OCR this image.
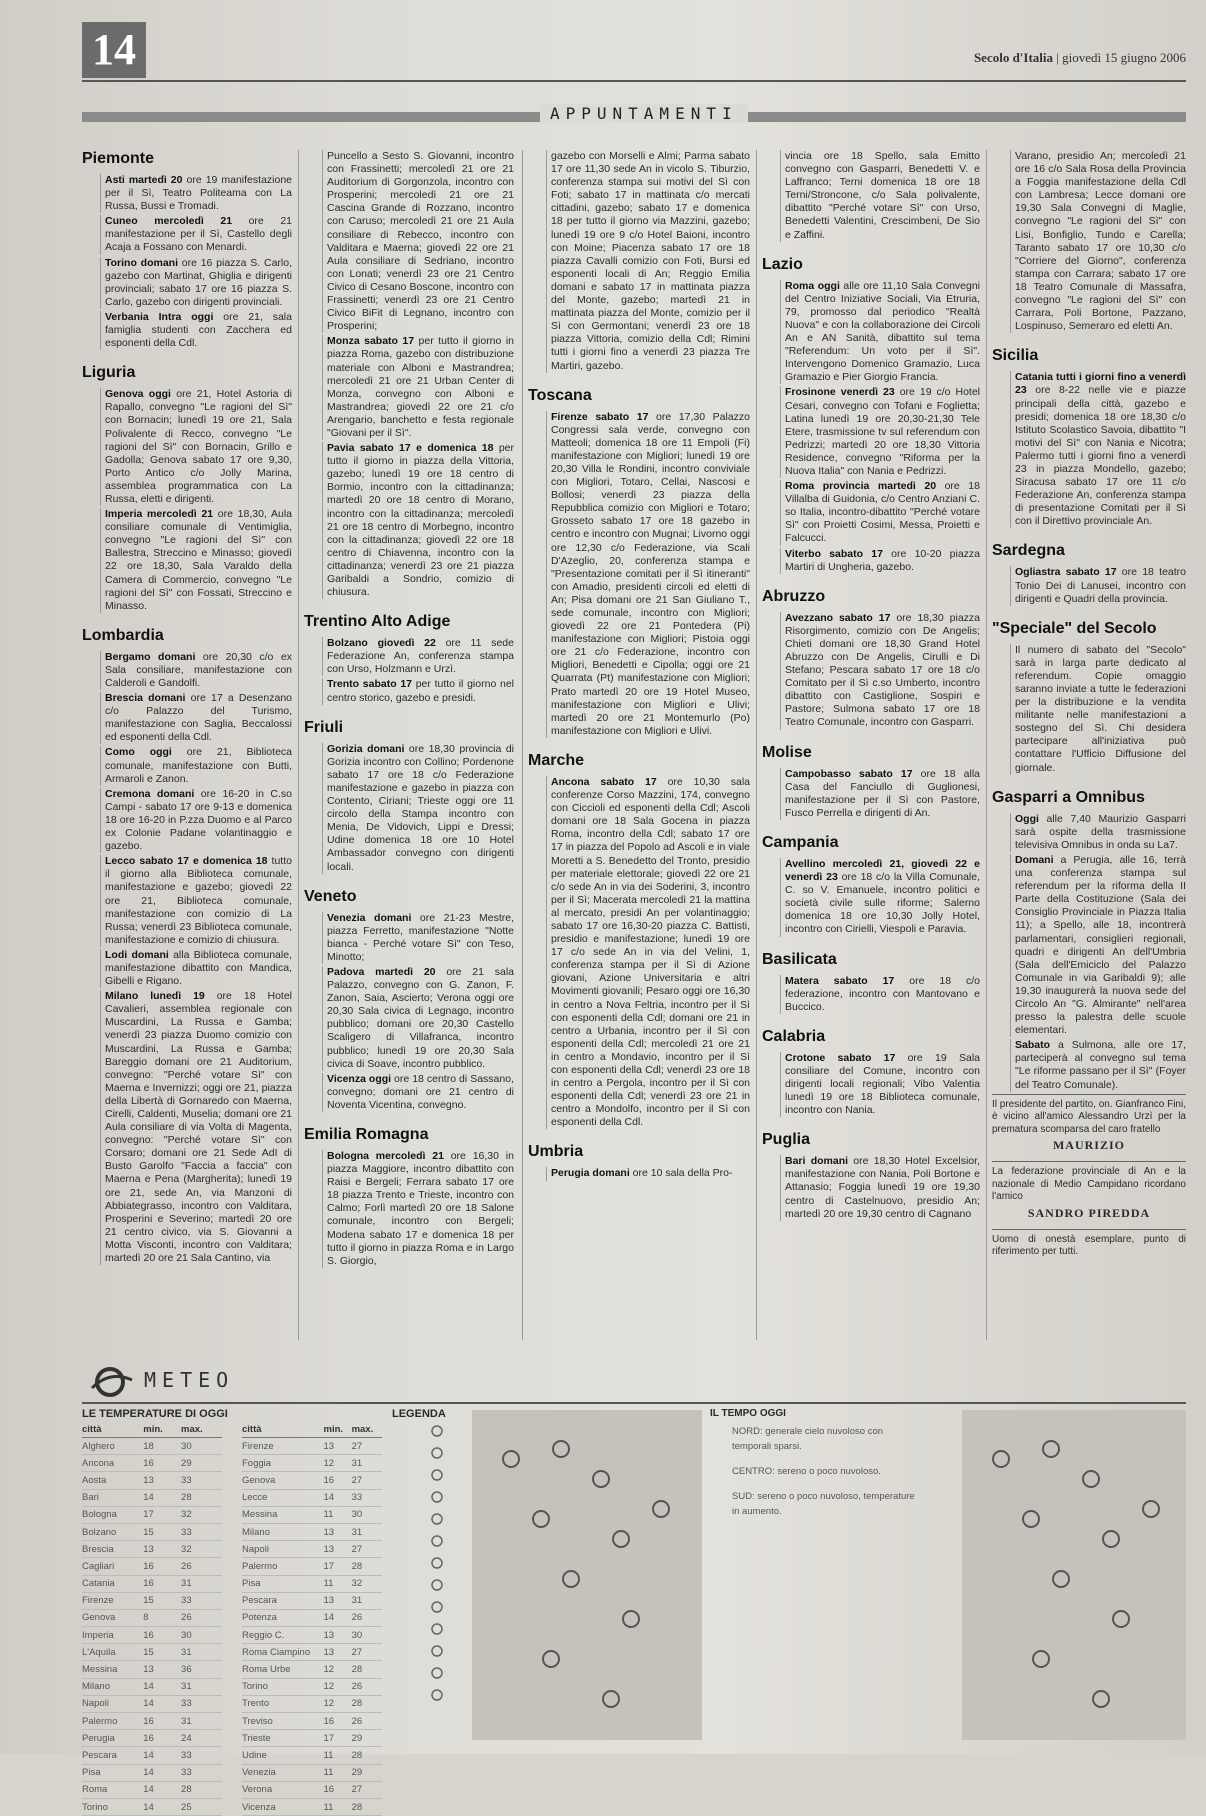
14	Secolo d'Italia | giovedì 15 giugno 2006
APPUNTAMENTI
Piemonte

Asti martedì 20 ore 19 manifestazione per il Sì, Teatro Politeama con La Russa, Bussi e Tromadi.

Cuneo mercoledì 21 ore 21 manifestazione per il Sì, Castello degli Acaja a Fossano con Menardi.

Torino domani ore 16 piazza S. Carlo, gazebo con Martinat, Ghiglia e dirigenti provinciali; sabato 17 ore 16 piazza S. Carlo, gazebo con dirigenti provinciali.

Verbania Intra oggi ore 21, sala famiglia studenti con Zacchera ed esponenti della Cdl.

Liguria

Genova oggi ore 21, Hotel Astoria di Rapallo, convegno "Le ragioni del Sì" con Bornacin; lunedì 19 ore 21, Sala Polivalente di Recco, convegno "Le ragioni del Sì" con Bornacin, Grillo e Gadolla; Genova sabato 17 ore 9,30, Porto Antico c/o Jolly Marina, assemblea programmatica con La Russa, eletti e dirigenti.

Imperia mercoledì 21 ore 18,30, Aula consiliare comunale di Ventimiglia, convegno "Le ragioni del Sì" con Ballestra, Streccino e Minasso; giovedì 22 ore 18,30, Sala Varaldo della Camera di Commercio, convegno "Le ragioni del Sì" con Fossati, Streccino e Minasso.

Lombardia

Bergamo domani ore 20,30 c/o ex Sala consiliare, manifestazione con Calderoli e Gandolfi.

Brescia domani ore 17 a Desenzano c/o Palazzo del Turismo, manifestazione con Saglia, Beccalossi ed esponenti della Cdl.

Como oggi ore 21, Biblioteca comunale, manifestazione con Butti, Armaroli e Zanon.

Cremona domani ore 16-20 in C.so Campi - sabato 17 ore 9-13 e domenica 18 ore 16-20 in P.zza Duomo e al Parco ex Colonie Padane volantinaggio e gazebo.

Lecco sabato 17 e domenica 18 tutto il giorno alla Biblioteca comunale, manifestazione e gazebo; giovedì 22 ore 21, Biblioteca comunale, manifestazione con comizio di La Russa; venerdì 23 Biblioteca comunale, manifestazione e comizio di chiusura.

Lodi domani alla Biblioteca comunale, manifestazione dibattito con Mandica, Gibelli e Rigano.

Milano lunedì 19 ore 18 Hotel Cavalieri, assemblea regionale con Muscardini, La Russa e Gamba; venerdì 23 piazza Duomo comizio con Muscardini, La Russa e Gamba; Bareggio domani ore 21 Auditorium, convegno: "Perché votare Sì" con Maerna e Invernizzi; oggi ore 21, piazza della Libertà di Gornaredo con Maerna, Cirelli, Caldenti, Muselia; domani ore 21 Aula consiliare di via Volta di Magenta, convegno: "Perché votare Sì" con Corsaro; domani ore 21 Sede AdI di Busto Garolfo "Faccia a faccia" con Maerna e Pena (Margherita); lunedì 19 ore 21, sede An, via Manzoni di Abbiategrasso, incontro con Valditara, Prosperini e Severino; martedì 20 ore 21 centro civico, via S. Giovanni a Motta Visconti, incontro con Valditara; martedì 20 ore 21 Sala Cantino, via

Puncello a Sesto S. Giovanni, incontro con Frassinetti; mercoledì 21 ore 21 Auditorium di Gorgonzola, incontro con Prosperini; mercoledì 21 ore 21 Cascina Grande di Rozzano, incontro con Caruso; mercoledì 21 ore 21 Aula consiliare di Rebecco, incontro con Valditara e Maerna; giovedì 22 ore 21 Aula consiliare di Sedriano, incontro con Lonati; venerdì 23 ore 21 Centro Civico di Cesano Boscone, incontro con Frassinetti; venerdì 23 ore 21 Centro Civico BiFit di Legnano, incontro con Prosperini;

Monza sabato 17 per tutto il giorno in piazza Roma, gazebo con distribuzione materiale con Alboni e Mastrandrea; mercoledì 21 ore 21 Urban Center di Monza, convegno con Alboni e Mastrandrea; giovedì 22 ore 21 c/o Arengario, banchetto e festa regionale "Giovani per il Sì".

Pavia sabato 17 e domenica 18 per tutto il giorno in piazza della Vittoria, gazebo; lunedì 19 ore 18 centro di Bormio, incontro con la cittadinanza; martedì 20 ore 18 centro di Morano, incontro con la cittadinanza; mercoledì 21 ore 18 centro di Morbegno, incontro con la cittadinanza; giovedì 22 ore 18 centro di Chiavenna, incontro con la cittadinanza; venerdì 23 ore 21 piazza Garibaldi a Sondrio, comizio di chiusura.

Trentino Alto Adige

Bolzano giovedì 22 ore 11 sede Federazione An, conferenza stampa con Urso, Holzmann e Urzì.

Trento sabato 17 per tutto il giorno nel centro storico, gazebo e presidi.

Friuli

Gorizia domani ore 18,30 provincia di Gorizia incontro con Collino; Pordenone sabato 17 ore 18 c/o Federazione manifestazione e gazebo in piazza con Contento, Ciriani; Trieste oggi ore 11 circolo della Stampa incontro con Menia, De Vidovich, Lippi e Dressi; Udine domenica 18 ore 10 Hotel Ambassador convegno con dirigenti locali.

Veneto

Venezia domani ore 21-23 Mestre, piazza Ferretto, manifestazione "Notte bianca - Perché votare Sì" con Teso, Minotto;

Padova martedì 20 ore 21 sala Palazzo, convegno con G. Zanon, F. Zanon, Saia, Ascierto; Verona oggi ore 20,30 Sala civica di Legnago, incontro pubblico; domani ore 20,30 Castello Scaligero di Villafranca, incontro pubblico; lunedì 19 ore 20,30 Sala civica di Soave, incontro pubblico.

Vicenza oggi ore 18 centro di Sassano, convegno; domani ore 21 centro di Noventa Vicentina, convegno.

Emilia Romagna

Bologna mercoledì 21 ore 16,30 in piazza Maggiore, incontro dibattito con Raisi e Bergeli; Ferrara sabato 17 ore 18 piazza Trento e Trieste, incontro con Calmo; Forlì martedì 20 ore 18 Salone comunale, incontro con Bergeli; Modena sabato 17 e domenica 18 per tutto il giorno in piazza Roma e in Largo S. Giorgio,

gazebo con Morselli e Almi; Parma sabato 17 ore 11,30 sede An in vicolo S. Tiburzio, conferenza stampa sui motivi del Sì con Foti; sabato 17 in mattinata c/o mercati cittadini, gazebo; sabato 17 e domenica 18 per tutto il giorno via Mazzini, gazebo; lunedì 19 ore 9 c/o Hotel Baioni, incontro con Moine; Piacenza sabato 17 ore 18 piazza Cavalli comizio con Foti, Bursi ed esponenti locali di An; Reggio Emilia domani e sabato 17 in mattinata piazza del Monte, gazebo; martedì 21 in mattinata piazza del Monte, comizio per il Sì con Germontani; venerdì 23 ore 18 piazza Vittoria, comizio della Cdl; Rimini tutti i giorni fino a venerdì 23 piazza Tre Martiri, gazebo.

Toscana

Firenze sabato 17 ore 17,30 Palazzo Congressi sala verde, convegno con Matteoli; domenica 18 ore 11 Empoli (Fi) manifestazione con Migliori; lunedì 19 ore 20,30 Villa le Rondini, incontro conviviale con Migliori, Totaro, Cellai, Nascosi e Bollosi; venerdì 23 piazza della Repubblica comizio con Migliori e Totaro; Grosseto sabato 17 ore 18 gazebo in centro e incontro con Mugnai; Livorno oggi ore 12,30 c/o Federazione, via Scali D'Azeglio, 20, conferenza stampa e "Presentazione comitati per il Sì itineranti" con Amadio, presidenti circoli ed eletti di An; Pisa domani ore 21 San Giuliano T., sede comunale, incontro con Migliori; giovedì 22 ore 21 Pontedera (Pi) manifestazione con Migliori; Pistoia oggi ore 21 c/o Federazione, incontro con Migliori, Benedetti e Cipolla; oggi ore 21 Quarrata (Pt) manifestazione con Migliori; Prato martedì 20 ore 19 Hotel Museo, manifestazione con Migliori e Ulivi; martedì 20 ore 21 Montemurlo (Po) manifestazione con Migliori e Ulivi.

Marche

Ancona sabato 17 ore 10,30 sala conferenze Corso Mazzini, 174, convegno con Ciccioli ed esponenti della Cdl; Ascoli domani ore 18 Sala Gocena in piazza Roma, incontro della Cdl; sabato 17 ore 17 in piazza del Popolo ad Ascoli e in viale Moretti a S. Benedetto del Tronto, presidio per materiale elettorale; giovedì 22 ore 21 c/o sede An in via dei Soderini, 3, incontro per il Sì; Macerata mercoledì 21 la mattina al mercato, presidi An per volantinaggio; sabato 17 ore 16,30-20 piazza C. Battisti, presidio e manifestazione; lunedì 19 ore 17 c/o sede An in via del Velini, 1, conferenza stampa per il Sì di Azione giovani, Azione Universitaria e altri Movimenti giovanili; Pesaro oggi ore 16,30 in centro a Nova Feltria, incontro per il Sì con esponenti della Cdl; domani ore 21 in centro a Urbania, incontro per il Sì con esponenti della Cdl; mercoledì 21 ore 21 in centro a Mondavio, incontro per il Sì con esponenti della Cdl; venerdì 23 ore 18 in centro a Pergola, incontro per il Sì con esponenti della Cdl; venerdì 23 ore 21 in centro a Mondolfo, incontro per il Sì con esponenti della Cdl.

Umbria

Perugia domani ore 10 sala della Pro-

vincia ore 18 Spello, sala Emitto convegno con Gasparri, Benedetti V. e Laffranco; Terni domenica 18 ore 18 Terni/Stroncone, c/o Sala polivalente, dibattito "Perché votare Sì" con Urso, Benedetti Valentini, Crescimbeni, De Sio e Zaffini.

Lazio

Roma oggi alle ore 11,10 Sala Convegni del Centro Iniziative Sociali, Via Etruria, 79, promosso dal periodico "Realtà Nuova" e con la collaborazione dei Circoli An e AN Sanità, dibattito sul tema "Referendum: Un voto per il Sì". Intervengono Domenico Gramazio, Luca Gramazio e Pier Giorgio Francia.

Frosinone venerdì 23 ore 19 c/o Hotel Cesari, convegno con Tofani e Foglietta; Latina lunedì 19 ore 20,30-21,30 Tele Etere, trasmissione tv sul referendum con Pedrizzi; martedì 20 ore 18,30 Vittoria Residence, convegno "Riforma per la Nuova Italia" con Nania e Pedrizzi.

Roma provincia martedì 20 ore 18 Villalba di Guidonia, c/o Centro Anziani C. so Italia, incontro-dibattito "Perché votare Sì" con Proietti Cosimi, Messa, Proietti e Falcucci.

Viterbo sabato 17 ore 10-20 piazza Martiri di Ungheria, gazebo.

Abruzzo

Avezzano sabato 17 ore 18,30 piazza Risorgimento, comizio con De Angelis; Chieti domani ore 18,30 Grand Hotel Abruzzo con De Angelis, Cirulli e Di Stefano; Pescara sabato 17 ore 18 c/o Comitato per il Sì c.so Umberto, incontro dibattito con Castiglione, Sospiri e Pastore; Sulmona sabato 17 ore 18 Teatro Comunale, incontro con Gasparri.

Molise

Campobasso sabato 17 ore 18 alla Casa del Fanciullo di Guglionesi, manifestazione per il Sì con Pastore, Fusco Perrella e dirigenti di An.

Campania

Avellino mercoledì 21, giovedì 22 e venerdì 23 ore 18 c/o la Villa Comunale, C. so V. Emanuele, incontro politici e società civile sulle riforme; Salerno domenica 18 ore 10,30 Jolly Hotel, incontro con Cirielli, Viespoli e Paravia.

Basilicata

Matera sabato 17 ore 18 c/o federazione, incontro con Mantovano e Buccico.

Calabria

Crotone sabato 17 ore 19 Sala consiliare del Comune, incontro con dirigenti locali regionali; Vibo Valentia lunedì 19 ore 18 Biblioteca comunale, incontro con Nania.

Puglia

Bari domani ore 18,30 Hotel Excelsior, manifestazione con Nania, Poli Bortone e Attanasio; Foggia lunedì 19 ore 19,30 centro di Castelnuovo, presidio An; martedì 20 ore 19,30 centro di Cagnano

Varano, presidio An; mercoledì 21 ore 16 c/o Sala Rosa della Provincia a Foggia manifestazione della Cdl con Lambresa; Lecce domani ore 19,30 Sala Convegni di Maglie, convegno "Le ragioni del Sì" con Lisi, Bonfiglio, Tundo e Carella; Taranto sabato 17 ore 10,30 c/o "Corriere del Giorno", conferenza stampa con Carrara; sabato 17 ore 18 Teatro Comunale di Massafra, convegno "Le ragioni del Sì" con Carrara, Poli Bortone, Pazzano, Lospinuso, Semeraro ed eletti An.

Sicilia

Catania tutti i giorni fino a venerdì 23 ore 8-22 nelle vie e piazze principali della città, gazebo e presidi; domenica 18 ore 18,30 c/o Istituto Scolastico Savoia, dibattito "I motivi del Sì" con Nania e Nicotra; Palermo tutti i giorni fino a venerdì 23 in piazza Mondello, gazebo; Siracusa sabato 17 ore 11 c/o Federazione An, conferenza stampa di presentazione Comitati per il Sì con il Direttivo provinciale An.

Sardegna

Ogliastra sabato 17 ore 18 teatro Tonio Dei di Lanusei, incontro con dirigenti e Quadri della provincia.

"Speciale" del Secolo

Il numero di sabato del "Secolo" sarà in larga parte dedicato al referendum. Copie omaggio saranno inviate a tutte le federazioni per la distribuzione e la vendita militante nelle manifestazioni a sostegno del Sì. Chi desidera partecipare all'iniziativa può contattare l'Ufficio Diffusione del giornale.

Gasparri a Omnibus

Oggi alle 7,40 Maurizio Gasparri sarà ospite della trasmissione televisiva Omnibus in onda su La7.

Domani a Perugia, alle 16, terrà una conferenza stampa sul referendum per la riforma della II Parte della Costituzione (Sala dei Consiglio Provinciale in Piazza Italia 11); a Spello, alle 18, incontrerà parlamentari, consiglieri regionali, quadri e dirigenti An dell'Umbria (Sala dell'Emiciclo del Palazzo Comunale in via Garibaldi 9); alle 19,30 inaugurerà la nuova sede del Circolo An "G. Almirante" nell'area presso la palestra delle scuole elementari.

Sabato a Sulmona, alle ore 17, parteciperà al convegno sul tema "Le riforme passano per il Sì" (Foyer del Teatro Comunale).

Il presidente del partito, on. Gianfranco Fini, è vicino all'amico Alessandro Urzì per la prematura scomparsa del caro fratello
MAURIZIO
La federazione provinciale di An e la nazionale di Medio Campidano ricordano l'amico
SANDRO PIREDDA
Uomo di onestà esemplare, punto di riferimento per tutti.
METEO
LE TEMPERATURE DI OGGI
città	min.	max.
Alghero	18	30
Ancona	16	29
Aosta	13	33
Bari	14	28
Bologna	17	32
Bolzano	15	33
Brescia	13	32
Cagliari	16	26
Catania	16	31
Firenze	15	33
Genova	8	26
Imperia	16	30
L'Aquila	15	31
Messina	13	36
Milano	14	31
Napoli	14	33
Palermo	16	31
Perugia	16	24
Pescara	14	33
Pisa	14	33
Roma	14	28
Torino	14	25
città	min.	max.
Firenze	13	27
Foggia	12	31
Genova	16	27
Lecce	14	33
Messina	11	30
Milano	13	31
Napoli	13	27
Palermo	17	28
Pisa	11	32
Pescara	13	31
Potenza	14	26
Reggio C.	13	30
Roma Ciampino	13	27
Roma Urbe	12	28
Torino	12	26
Trento	12	28
Treviso	16	26
Trieste	17	29
Udine	11	28
Venezia	11	29
Verona	16	27
Vicenza	11	28
LEGENDA	IL TEMPO OGGI
NORD: generale cielo nuvoloso con temporali sparsi.
CENTRO: sereno o poco nuvoloso.
SUD: sereno o poco nuvoloso, temperature in aumento.
